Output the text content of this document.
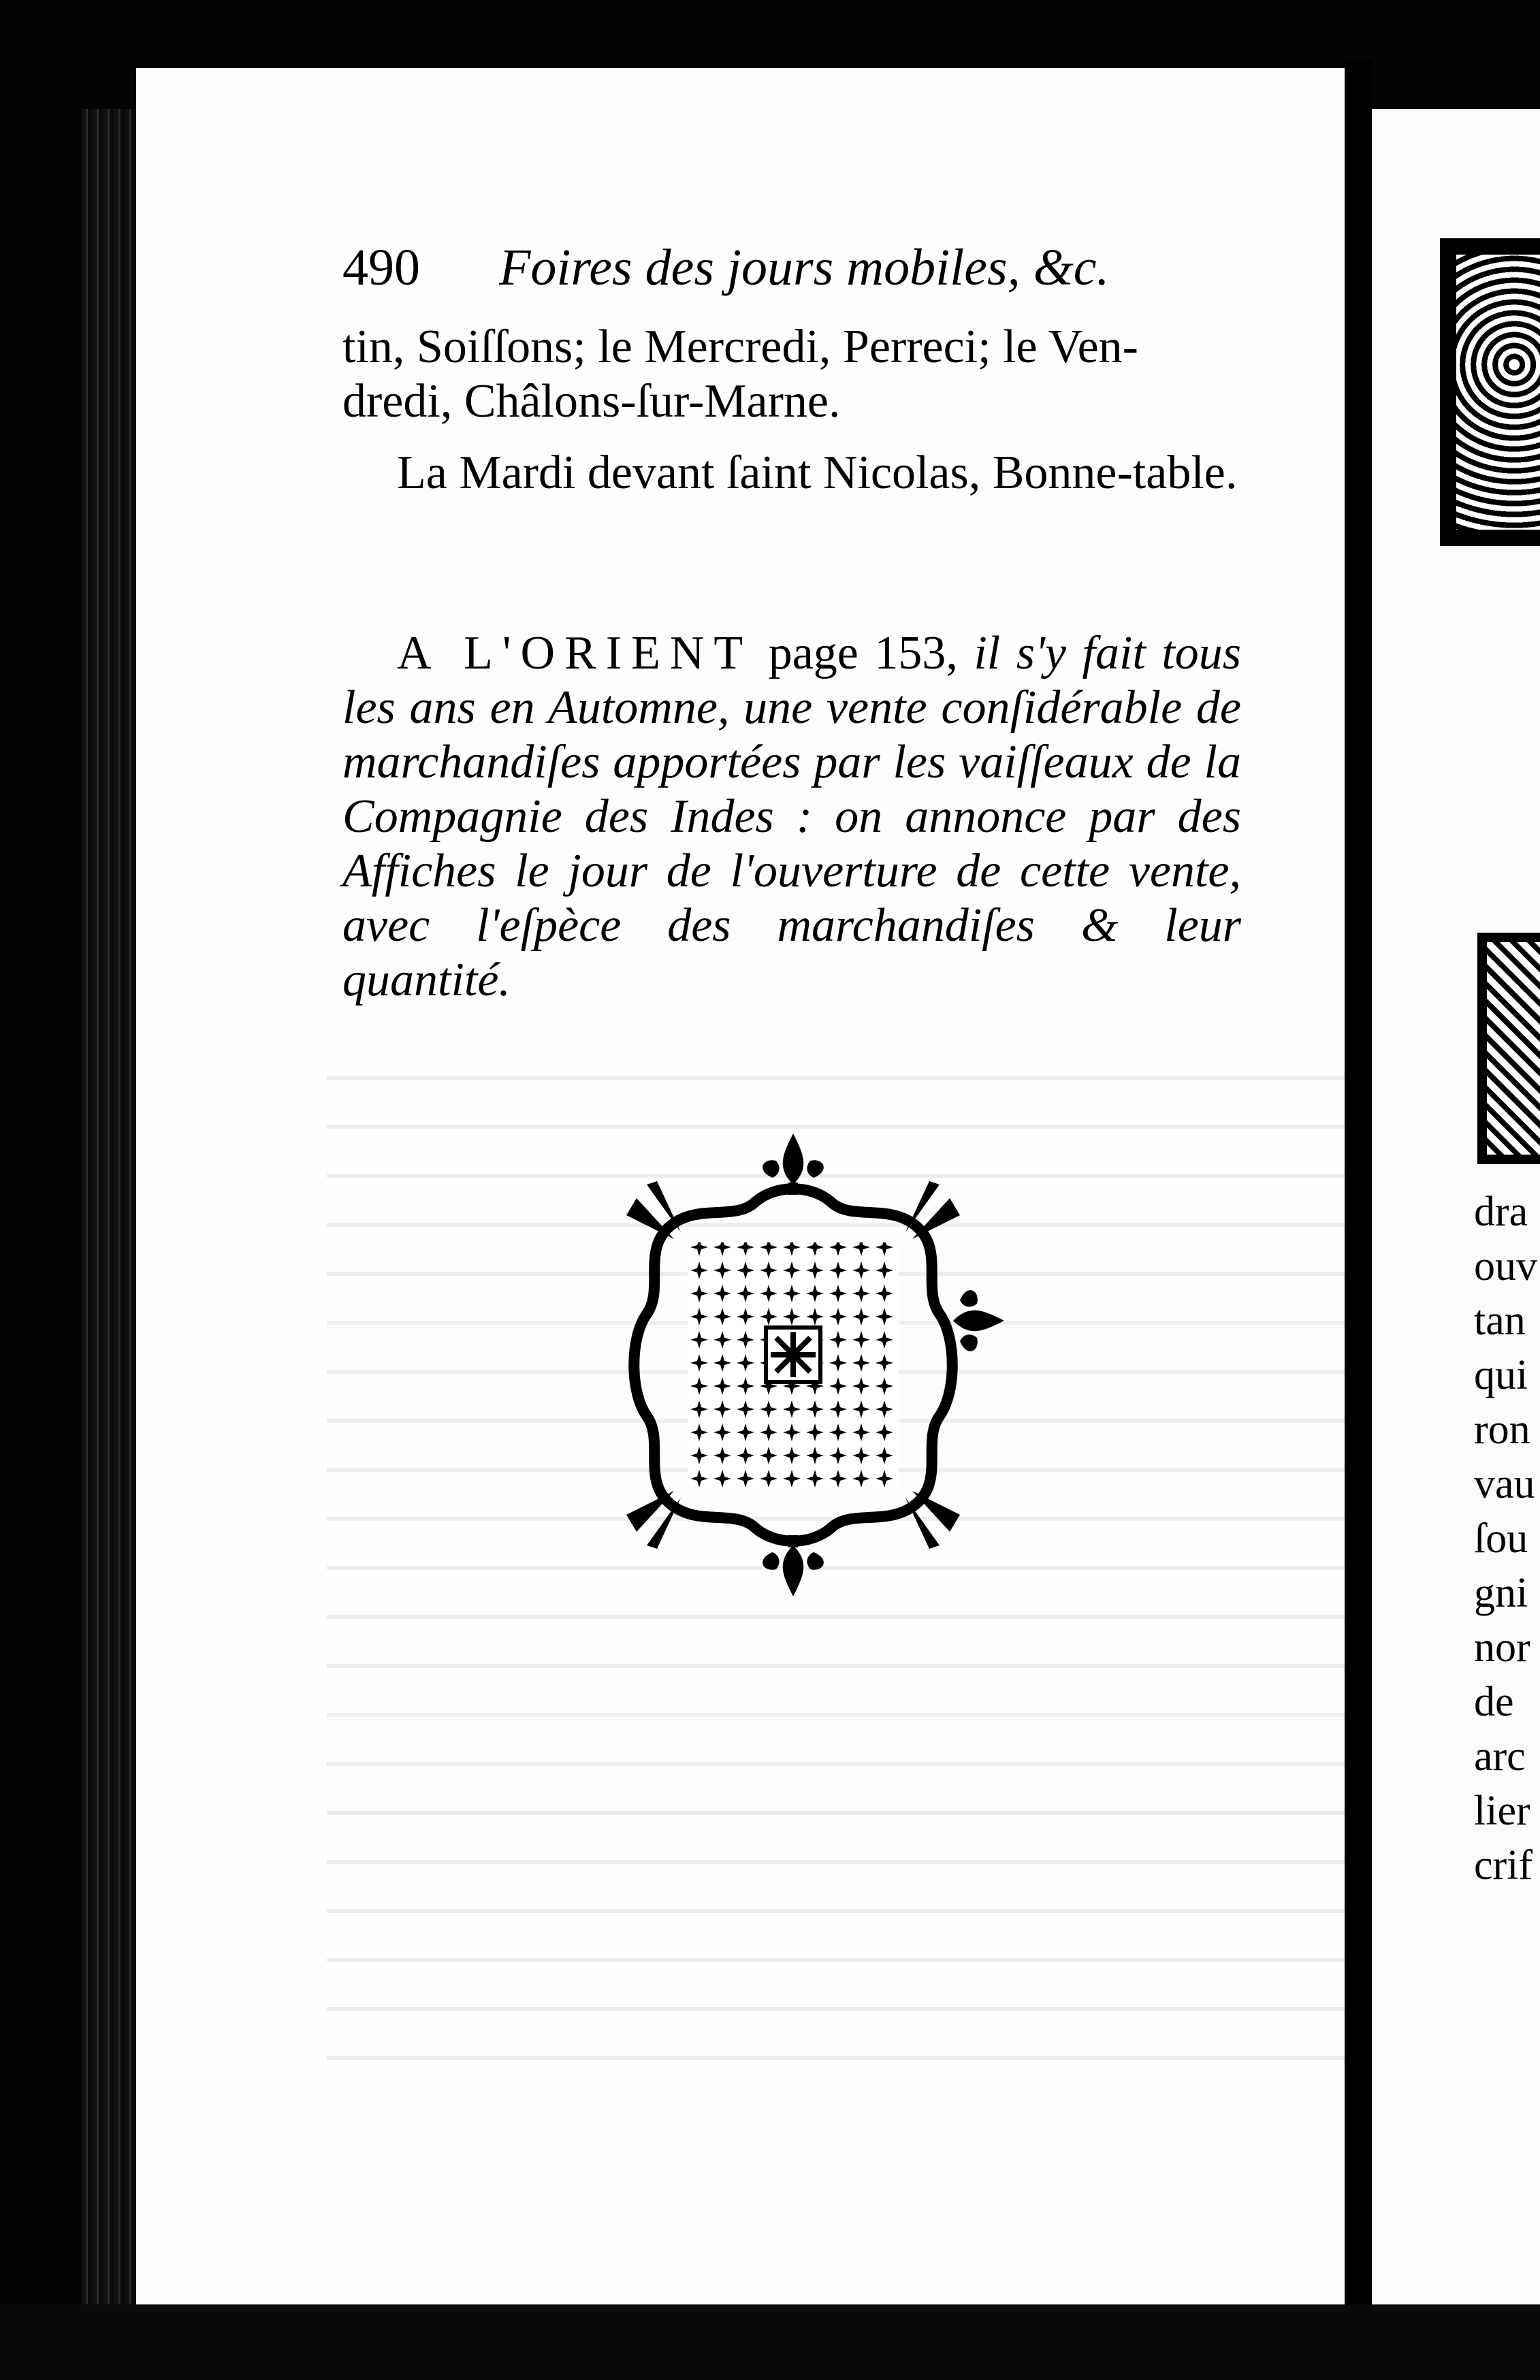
490 Foires des jours mobiles, &c.
tin, Soiſſons; le Mercredi, Perreci; le Ven-
dredi, Châlons-ſur-Marne.
La Mardi devant ſaint Nicolas, Bonne-table.
A L'ORIENT page 153, il s'y fait tous les ans en Automne, une vente conſidérable de marchandiſes apportées par les vaiſſeaux de la Compagnie des Indes : on annonce par des Affiches le jour de l'ouverture de cette vente, avec l'eſpèce des marchandiſes & leur quantité.
dra
ouv
tan
qui
ron
vau
ſou
gni
nor
de
arc
lier
crif
